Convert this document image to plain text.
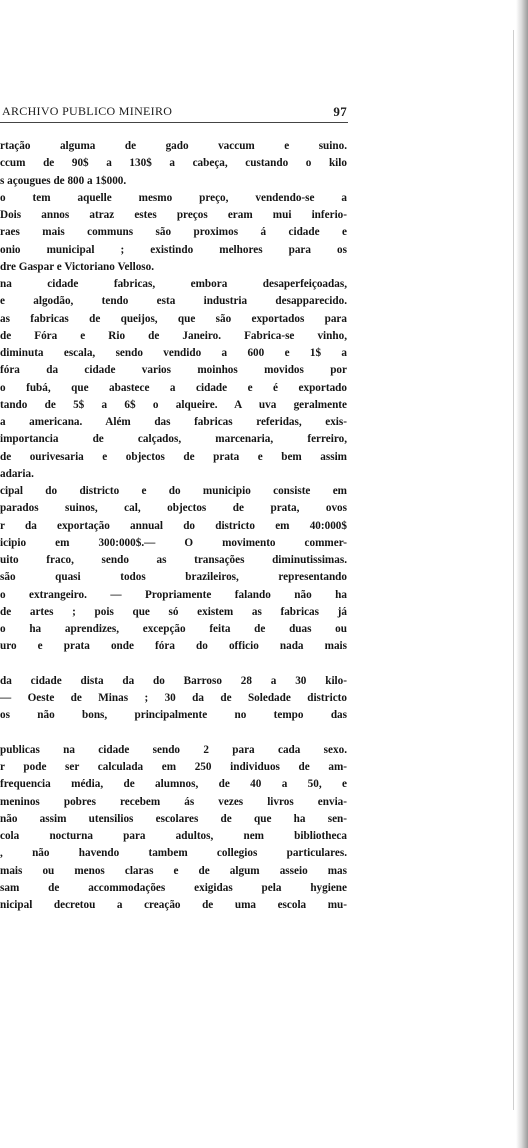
ARCHIVO PUBLICO MINEIRO	97
rtação alguma de gado vaccum e suino.
ccum de 90$ a 130$ a cabeça, custando o kilo
s açougues de 800 a 1$000.
o tem aquelle mesmo preço, vendendo-se a
Dois annos atraz estes preços eram mui inferio-
raes mais communs são proximos á cidade e
onio municipal ; existindo melhores para os
dre Gaspar e Victoriano Velloso.
na cidade fabricas, embora desaperfeiçoadas,
e algodão, tendo esta industria desapparecido.
as fabricas de queijos, que são exportados para
de Fóra e Rio de Janeiro. Fabrica-se vinho,
diminuta escala, sendo vendido a 600 e 1$ a
fóra da cidade varios moinhos movidos por
o fubá, que abastece a cidade e é exportado
tando de 5$ a 6$ o alqueire. A uva geralmente
a americana. Além das fabricas referidas, exis-
importancia de calçados, marcenaria, ferreiro,
de ourivesaria e objectos de prata e bem assim
adaria.
cipal do districto e do municipio consiste em
parados suinos, cal, objectos de prata, ovos
r da exportação annual do districto em 40:000$
icipio em 300:000$.— O movimento commer-
uito fraco, sendo as transações diminutissimas.
são quasi todos brazileiros, representando
o extrangeiro. — Propriamente falando não ha
de artes ; pois que só existem as fabricas já
o ha aprendizes, excepção feita de duas ou
uro e prata onde fóra do officio nada mais
da cidade dista da do Barroso 28 a 30 kilo-
— Oeste de Minas ; 30 da de Soledade districto
os não bons, principalmente no tempo das
publicas na cidade sendo 2 para cada sexo.
r pode ser calculada em 250 individuos de am-
frequencia média, de alumnos, de 40 a 50, e
meninos pobres recebem ás vezes livros envia-
não assim utensilios escolares de que ha sen-
cola nocturna para adultos, nem bibliotheca
, não havendo tambem collegios particulares.
mais ou menos claras e de algum asseio mas
sam de accommodações exigidas pela hygiene
nicipal decretou a creação de uma escola mu-
